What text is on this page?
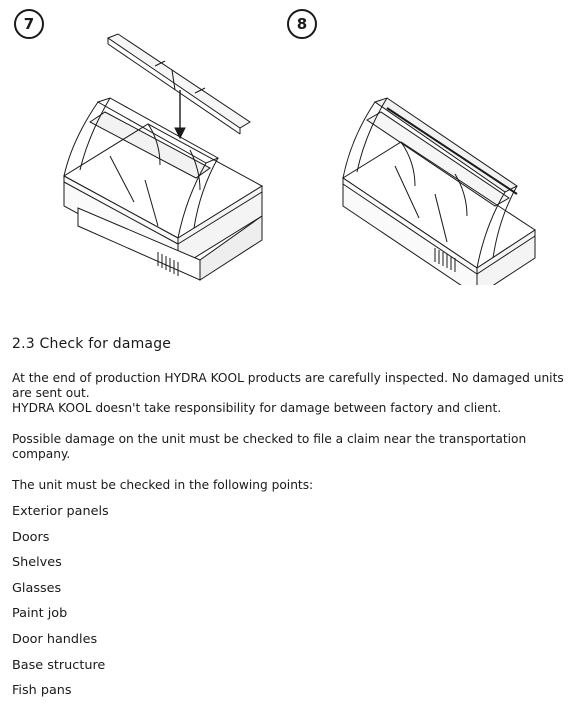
7	8
2.3 Check for damage
At the end of production HYDRA KOOL products are carefully inspected. No damaged units are sent out.
HYDRA KOOL doesn't take responsibility for damage between factory and client.
Possible damage on the unit must be checked to file a claim near the transportation company.
The unit must be checked in the following points:
Exterior panels
Doors
Shelves
Glasses
Paint job
Door handles
Base structure
Fish pans
